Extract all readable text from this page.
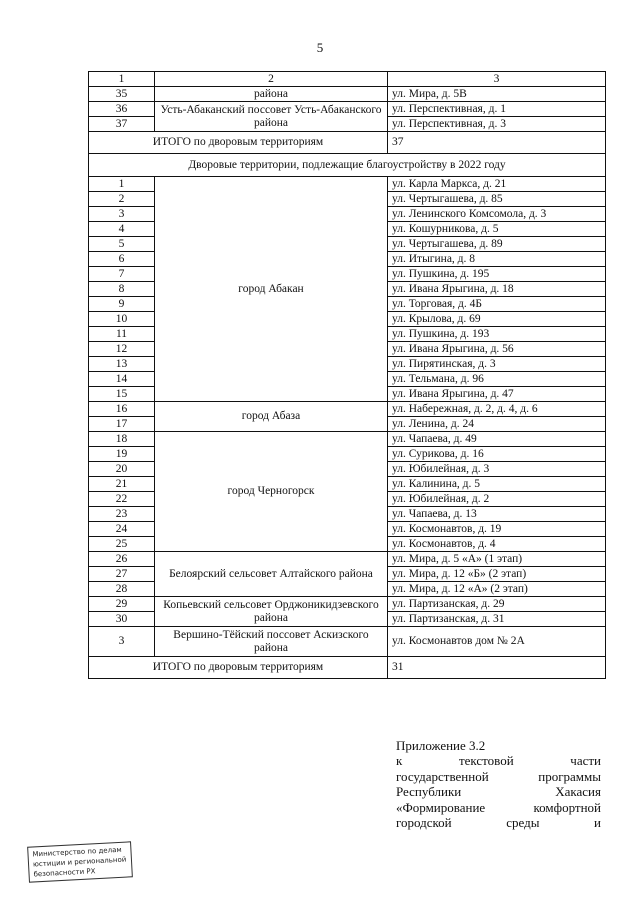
5
1	2	3
35	района	ул. Мира, д. 5В
36	Усть-Абаканский поссовет Усть-Абаканского района	ул. Перспективная, д. 1
37		ул. Перспективная, д. 3
ИТОГО по дворовым территориям		37
Дворовые территории, подлежащие благоустройству в 2022 году		
1	город Абакан	ул. Карла Маркса, д. 21
2		ул. Чертыгашева, д. 85
3		ул. Ленинского Комсомола, д. 3
4		ул. Кошурникова, д. 5
5		ул. Чертыгашева, д. 89
6		ул. Итыгина, д. 8
7		ул. Пушкина, д. 195
8		ул. Ивана Ярыгина, д. 18
9		ул. Торговая, д. 4Б
10		ул. Крылова, д. 69
11		ул. Пушкина, д. 193
12		ул. Ивана Ярыгина, д. 56
13		ул. Пирятинская, д. 3
14		ул. Тельмана, д. 96
15		ул. Ивана Ярыгина, д. 47
16	город Абаза	ул. Набережная, д. 2, д. 4, д. 6
17		ул. Ленина, д. 24
18	город Черногорск	ул. Чапаева, д. 49
19		ул. Сурикова, д. 16
20		ул. Юбилейная, д. 3
21		ул. Калинина, д. 5
22		ул. Юбилейная, д. 2
23		ул. Чапаева, д. 13
24		ул. Космонавтов, д. 19
25		ул. Космонавтов, д. 4
26	Белоярский сельсовет Алтайского района	ул. Мира, д. 5 «А» (1 этап)
27		ул. Мира, д. 12 «Б» (2 этап)
28		ул. Мира, д. 12 «А» (2 этап)
29	Копьевский сельсовет Орджоникидзевского района	ул. Партизанская, д. 29
30		ул. Партизанская, д. 31
3	Вершино-Тёйский поссовет Аскизского района	ул. Космонавтов дом № 2А
ИТОГО по дворовым территориям		31
Приложение 3.2
к	текстовой	части
государственной	программы
Республики	Хакасия
«Формирование	комфортной
городской	среды	и
Министерство по делам
юстиции и региональной
безопасности РХ
